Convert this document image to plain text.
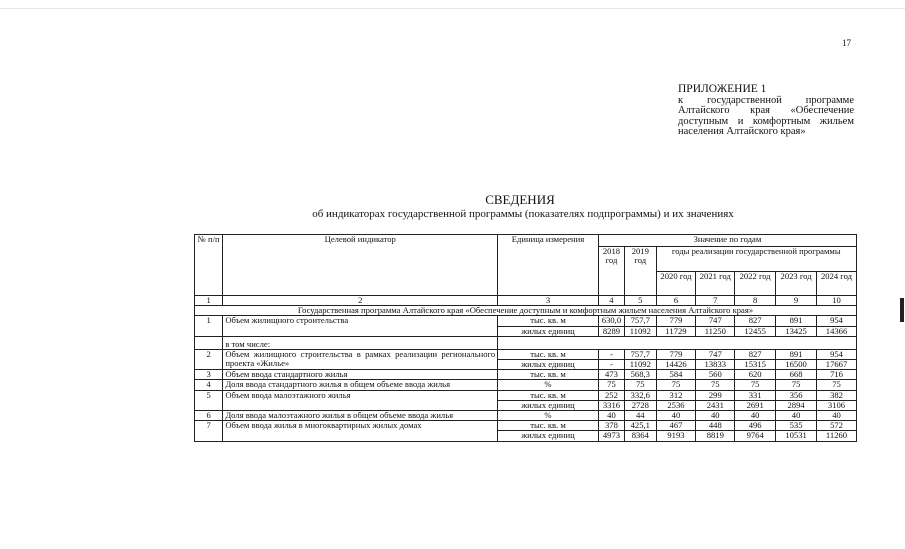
17
ПРИЛОЖЕНИЕ 1
к государственной программе Алтайского края «Обеспечение доступным и комфортным жильем населения Алтайского края»
СВЕДЕНИЯ
об индикаторах государственной программы (показателях подпрограммы) и их значениях
№ п/п	Целевой индикатор	Единица измерения	Значение по годам						
			2018 год	2019 год	годы реализации государственной программы				
					2020 год	2021 год	2022 год	2023 год	2024 год
1	2	3	4	5	6	7	8	9	10
Государственная программа Алтайского края «Обеспечение доступным и комфортным жильем населения Алтайского края»									
1	Объем жилищного строительства	тыс. кв. м	630,0	757,7	779	747	827	891	954
		жилых единиц	8289	11092	11729	11250	12455	13425	14366
	в том числе:								
2	Объем жилищного строительства в рамках реализации регионального проекта «Жилье»	тыс. кв. м	-	757,7	779	747	827	891	954
		жилых единиц	-	11092	14426	13833	15315	16500	17667
3	Объем ввода стандартного жилья	тыс. кв. м	473	568,3	584	560	620	668	716
4	Доля ввода стандартного жилья в общем объеме ввода жилья	%	75	75	75	75	75	75	75
5	Объем ввода малоэтажного жилья	тыс. кв. м	252	332,6	312	299	331	356	382
		жилых единиц	3316	2728	2536	2431	2691	2894	3106
6	Доля ввода малоэтажного жилья в общем объеме ввода жилья	%	40	44	40	40	40	40	40
7	Объем ввода жилья в многоквартирных жилых домах	тыс. кв. м	378	425,1	467	448	496	535	572
		жилых единиц	4973	8364	9193	8819	9764	10531	11260
